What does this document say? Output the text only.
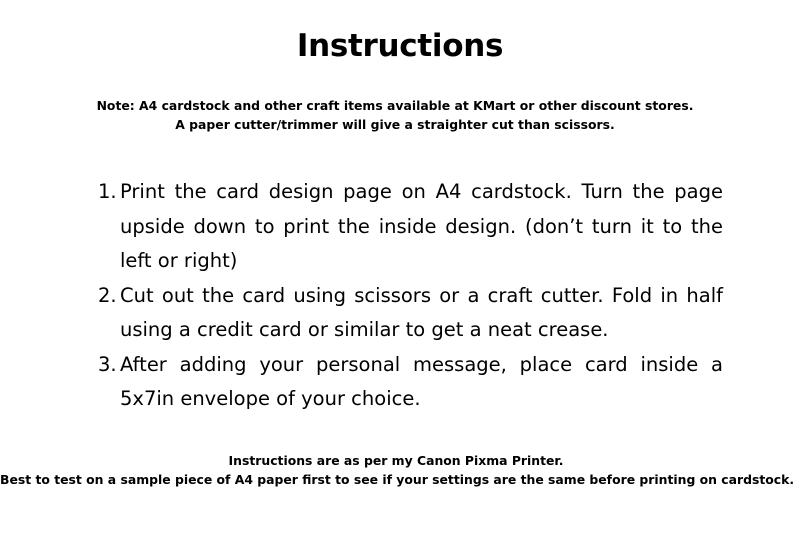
Instructions
Note: A4 cardstock and other craft items available at KMart or other discount stores.
A paper cutter/trimmer will give a straighter cut than scissors.
1. Print the card design page on A4 cardstock. Turn the page upside down to print the inside design. (don’t turn it to the left or right)
2. Cut out the card using scissors or a craft cutter. Fold in half using a credit card or similar to get a neat crease.
3. After adding your personal message, place card inside a 5x7in envelope of your choice.
Instructions are as per my Canon Pixma Printer.
Best to test on a sample piece of A4 paper first to see if your settings are the same before printing on cardstock.
